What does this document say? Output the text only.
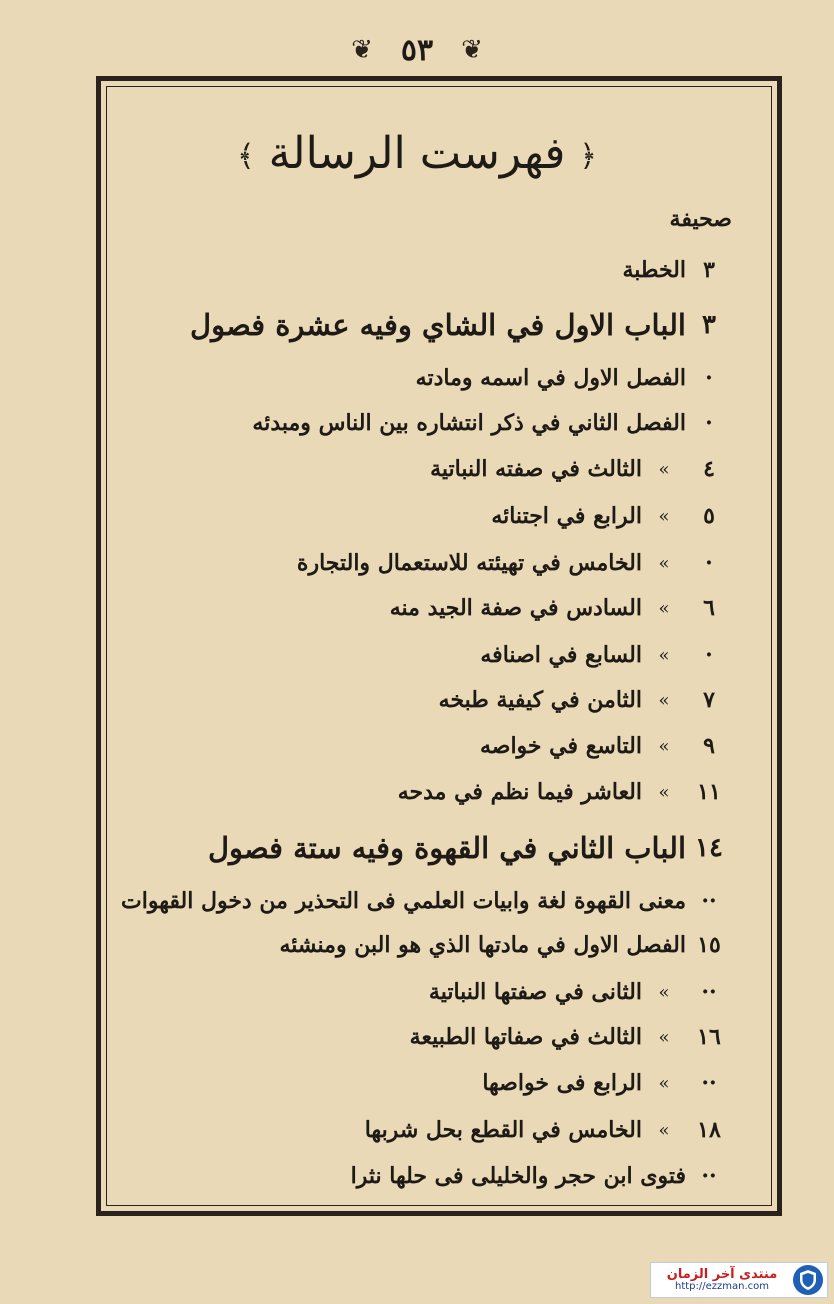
❦ ٥٣ ❦
﴿ فهرست الرسالة ﴾
صحيفة
٣
الخطبة
٣
الباب الاول في الشاي وفيه عشرة فصول
·
الفصل الاول في اسمه ومادته
·
الفصل الثاني في ذكر انتشاره بين الناس ومبدئه
٤
»
الثالث في صفته النباتية
٥
»
الرابع في اجتنائه
·
»
الخامس في تهيئته للاستعمال والتجارة
٦
»
السادس في صفة الجيد منه
·
»
السابع في اصنافه
٧
»
الثامن في كيفية طبخه
٩
»
التاسع في خواصه
١١
»
العاشر فيما نظم في مدحه
١٤
الباب الثاني في القهوة وفيه ستة فصول
··
معنى القهوة لغة وابيات العلمي فى التحذير من دخول القهوات
١٥
الفصل الاول في مادتها الذي هو البن ومنشئه
··
»
الثانى في صفتها النباتية
١٦
»
الثالث في صفاتها الطبيعة
··
»
الرابع فى خواصها
١٨
»
الخامس في القطع بحل شربها
··
فتوى ابن حجر والخليلى فى حلها نثرا
منتدى آخر الزمان
http://ezzman.com
